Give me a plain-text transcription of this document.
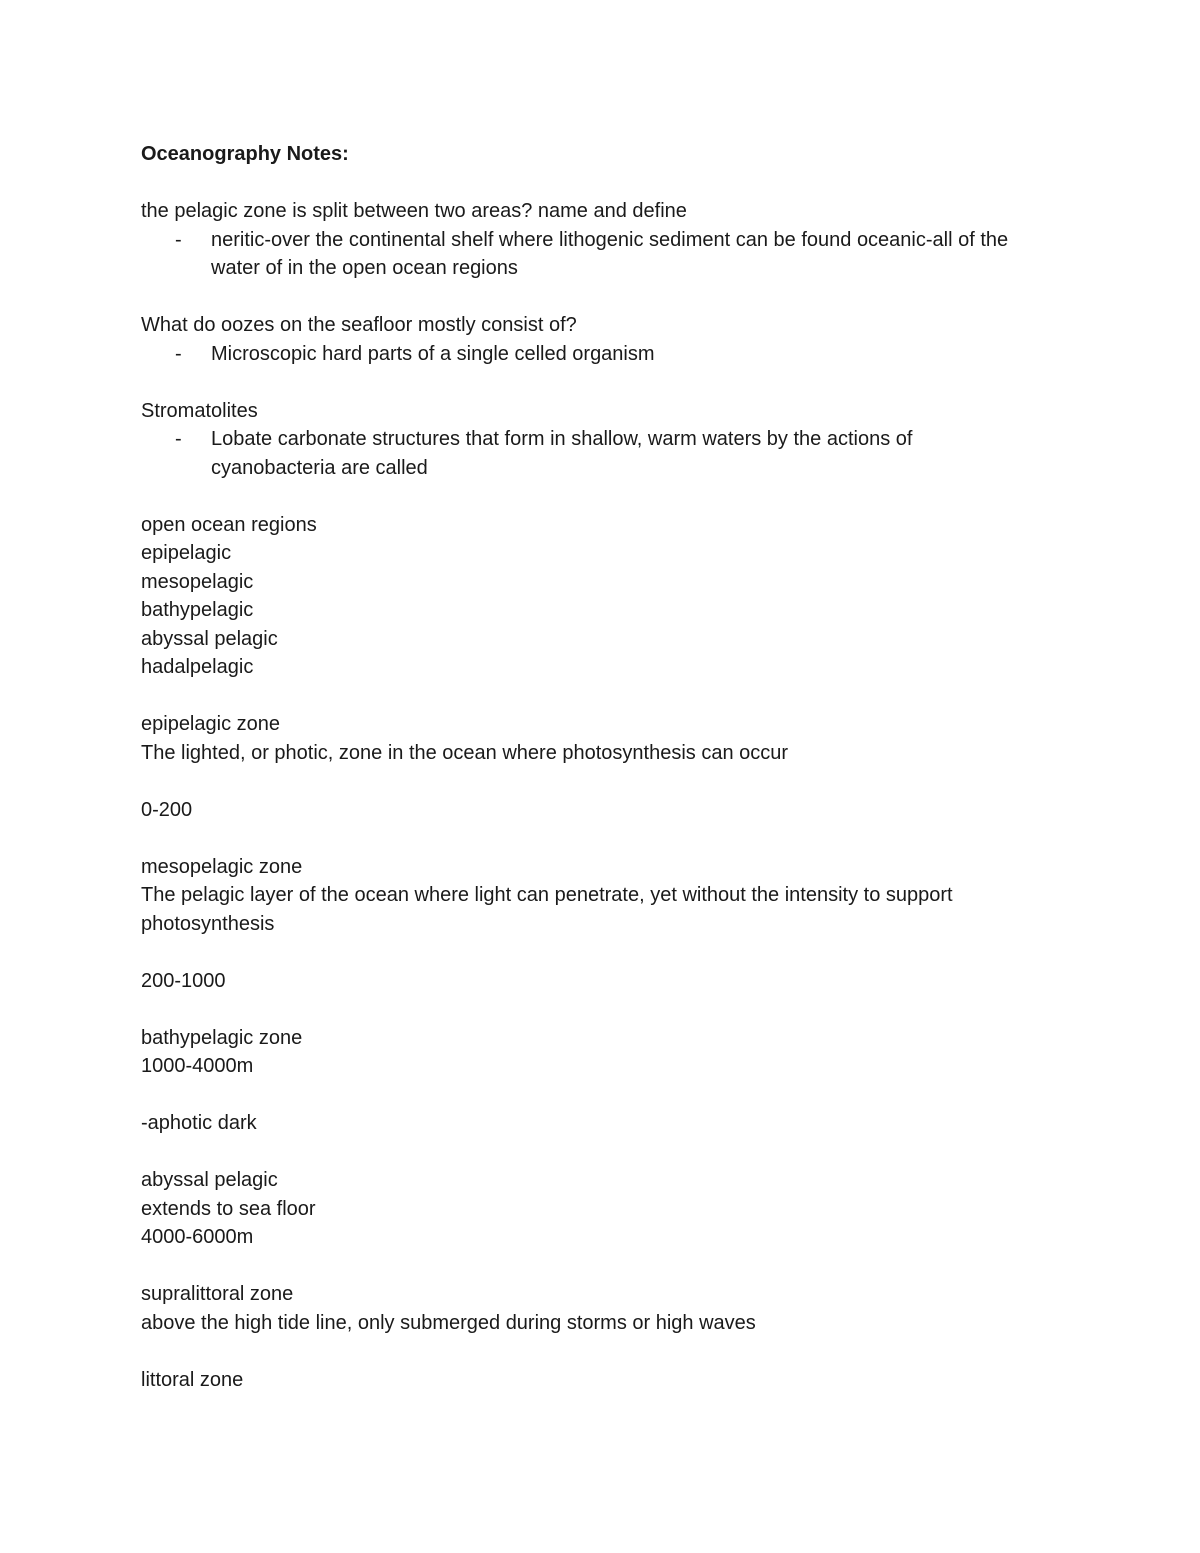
Oceanography Notes:

the pelagic zone is split between two areas? name and define

-	neritic-over the continental shelf where lithogenic sediment can be found oceanic-all of the water of in the open ocean regions

What do oozes on the seafloor mostly consist of?

-	Microscopic hard parts of a single celled organism

Stromatolites

-	Lobate carbonate structures that form in shallow, warm waters by the actions of cyanobacteria are called

open ocean regions

epipelagic

mesopelagic

bathypelagic

abyssal pelagic

hadalpelagic

epipelagic zone

The lighted, or photic, zone in the ocean where photosynthesis can occur

0-200

mesopelagic zone

The pelagic layer of the ocean where light can penetrate, yet without the intensity to support photosynthesis

200-1000

bathypelagic zone

1000-4000m

-aphotic dark

abyssal pelagic

extends to sea floor

4000-6000m

supralittoral zone

above the high tide line, only submerged during storms or high waves

littoral zone
